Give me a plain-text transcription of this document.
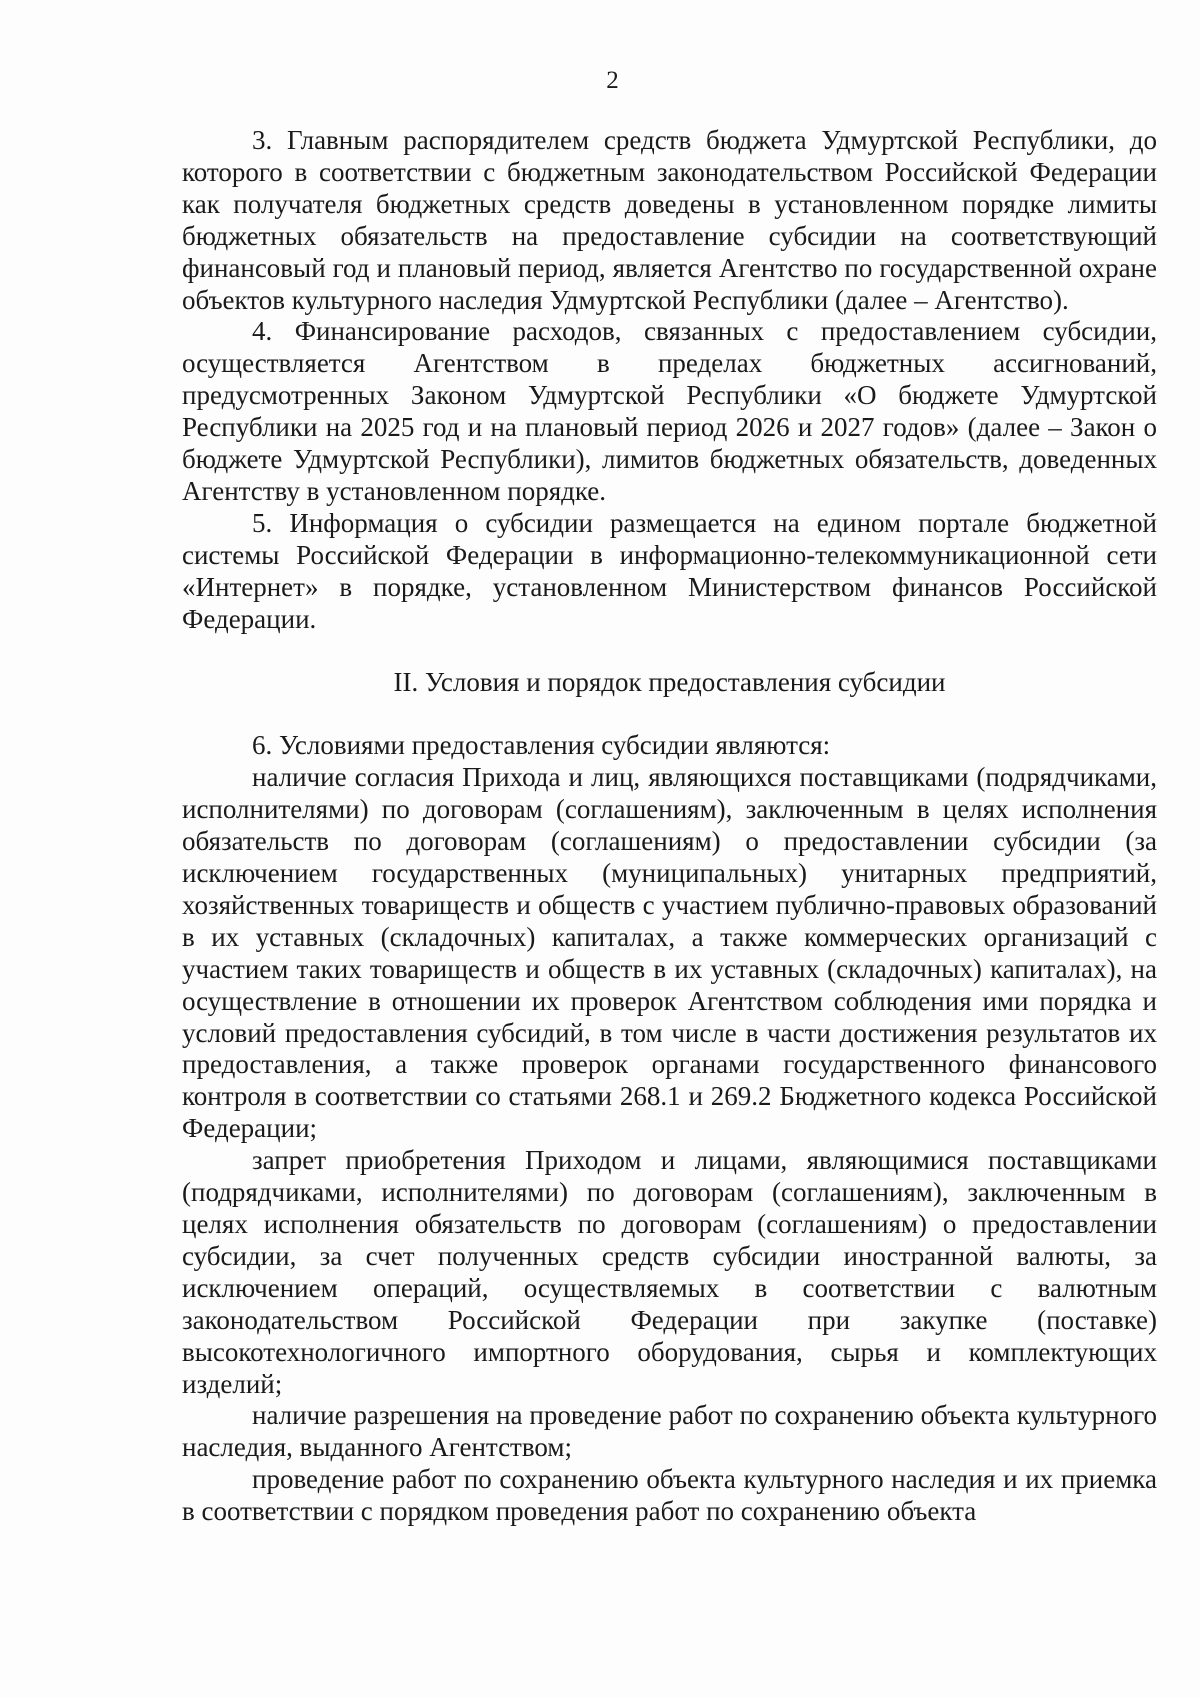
2

3. Главным распорядителем средств бюджета Удмуртской Республики, до которого в соответствии с бюджетным законодательством Российской Федерации как получателя бюджетных средств доведены в установленном порядке лимиты бюджетных обязательств на предоставление субсидии на соответствующий финансовый год и плановый период, является Агентство по государственной охране объектов культурного наследия Удмуртской Республики (далее – Агентство).

4. Финансирование расходов, связанных с предоставлением субсидии, осуществляется Агентством в пределах бюджетных ассигнований, предусмотренных Законом Удмуртской Республики «О бюджете Удмуртской Республики на 2025 год и на плановый период 2026 и 2027 годов» (далее – Закон о бюджете Удмуртской Республики), лимитов бюджетных обязательств, доведенных Агентству в установленном порядке.

5. Информация о субсидии размещается на едином портале бюджетной системы Российской Федерации в информационно-телекоммуникационной сети «Интернет» в порядке, установленном Министерством финансов Российской Федерации.

II. Условия и порядок предоставления субсидии

6. Условиями предоставления субсидии являются:

наличие согласия Прихода и лиц, являющихся поставщиками (подрядчиками, исполнителями) по договорам (соглашениям), заключенным в целях исполнения обязательств по договорам (соглашениям) о предоставлении субсидии (за исключением государственных (муниципальных) унитарных предприятий, хозяйственных товариществ и обществ с участием публично-правовых образований в их уставных (складочных) капиталах, а также коммерческих организаций с участием таких товариществ и обществ в их уставных (складочных) капиталах), на осуществление в отношении их проверок Агентством соблюдения ими порядка и условий предоставления субсидий, в том числе в части достижения результатов их предоставления, а также проверок органами государственного финансового контроля в соответствии со статьями 268.1 и 269.2 Бюджетного кодекса Российской Федерации;

запрет приобретения Приходом и лицами, являющимися поставщиками (подрядчиками, исполнителями) по договорам (соглашениям), заключенным в целях исполнения обязательств по договорам (соглашениям) о предоставлении субсидии, за счет полученных средств субсидии иностранной валюты, за исключением операций, осуществляемых в соответствии с валютным законодательством Российской Федерации при закупке (поставке) высокотехнологичного импортного оборудования, сырья и комплектующих изделий;

наличие разрешения на проведение работ по сохранению объекта культурного наследия, выданного Агентством;

проведение работ по сохранению объекта культурного наследия и их приемка в соответствии с порядком проведения работ по сохранению объекта
